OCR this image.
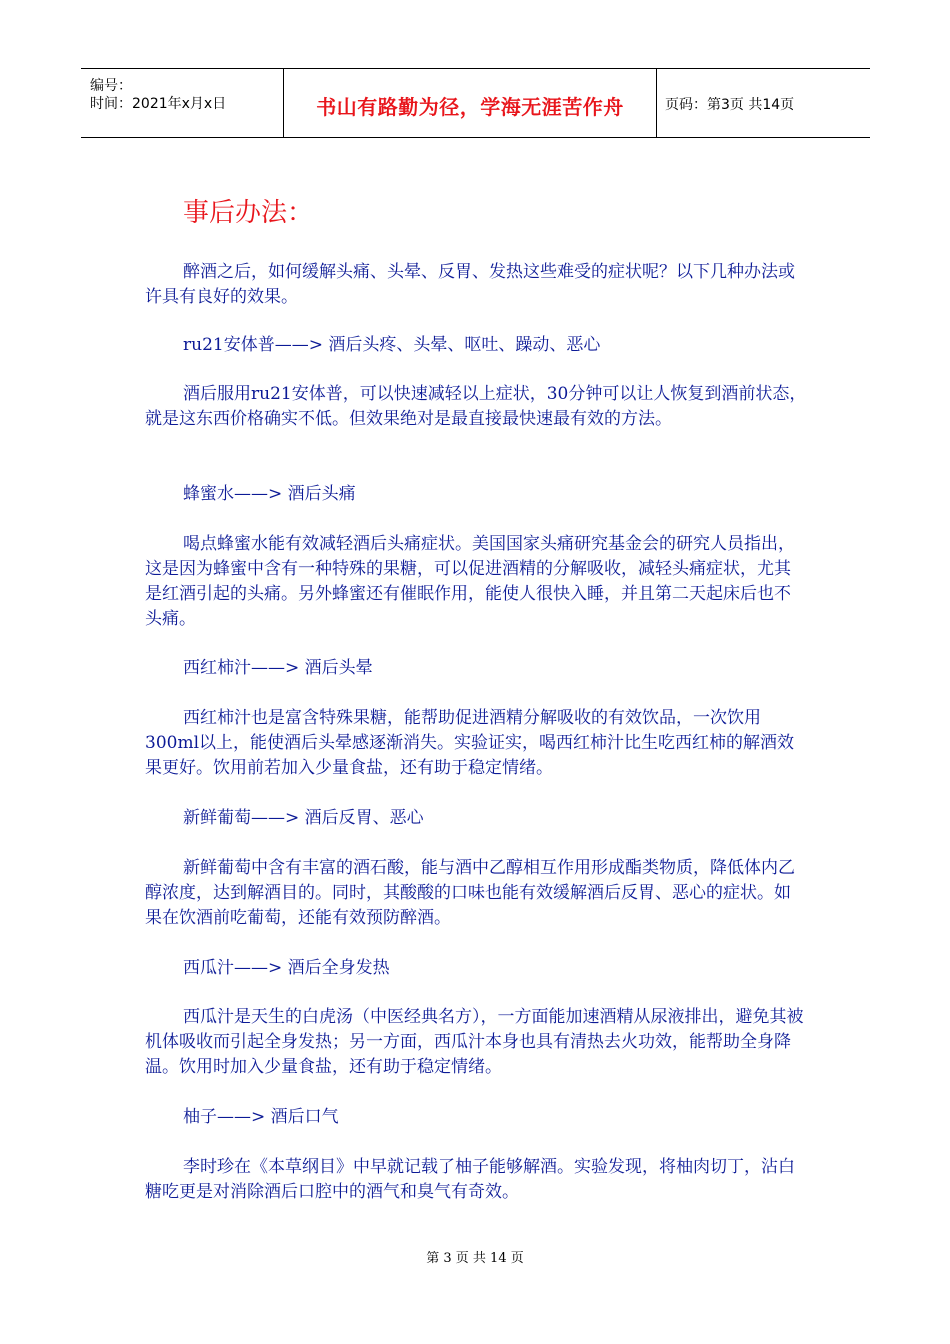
编号：
时间：2021年x月x日	书山有路勤为径，学海无涯苦作舟	页码：第3页 共14页
事后办法：

醉酒之后，如何缓解头痛、头晕、反胃、发热这些难受的症状呢？以下几种办法或许具有良好的效果。

ru21安体普——> 酒后头疼、头晕、呕吐、躁动、恶心

酒后服用ru21安体普，可以快速减轻以上症状，30分钟可以让人恢复到酒前状态，就是这东西价格确实不低。但效果绝对是最直接最快速最有效的方法。

蜂蜜水——> 酒后头痛

喝点蜂蜜水能有效减轻酒后头痛症状。美国国家头痛研究基金会的研究人员指出，这是因为蜂蜜中含有一种特殊的果糖，可以促进酒精的分解吸收，减轻头痛症状，尤其是红酒引起的头痛。另外蜂蜜还有催眠作用，能使人很快入睡，并且第二天起床后也不头痛。

西红柿汁——> 酒后头晕

西红柿汁也是富含特殊果糖，能帮助促进酒精分解吸收的有效饮品，一次饮用300ml以上，能使酒后头晕感逐渐消失。实验证实，喝西红柿汁比生吃西红柿的解酒效果更好。饮用前若加入少量食盐，还有助于稳定情绪。

新鲜葡萄——> 酒后反胃、恶心

新鲜葡萄中含有丰富的酒石酸，能与酒中乙醇相互作用形成酯类物质，降低体内乙醇浓度，达到解酒目的。同时，其酸酸的口味也能有效缓解酒后反胃、恶心的症状。如果在饮酒前吃葡萄，还能有效预防醉酒。

西瓜汁——> 酒后全身发热

西瓜汁是天生的白虎汤（中医经典名方），一方面能加速酒精从尿液排出，避免其被机体吸收而引起全身发热；另一方面，西瓜汁本身也具有清热去火功效，能帮助全身降温。饮用时加入少量食盐，还有助于稳定情绪。

柚子——> 酒后口气

李时珍在《本草纲目》中早就记载了柚子能够解酒。实验发现，将柚肉切丁，沾白糖吃更是对消除酒后口腔中的酒气和臭气有奇效。

第 3 页 共 14 页
